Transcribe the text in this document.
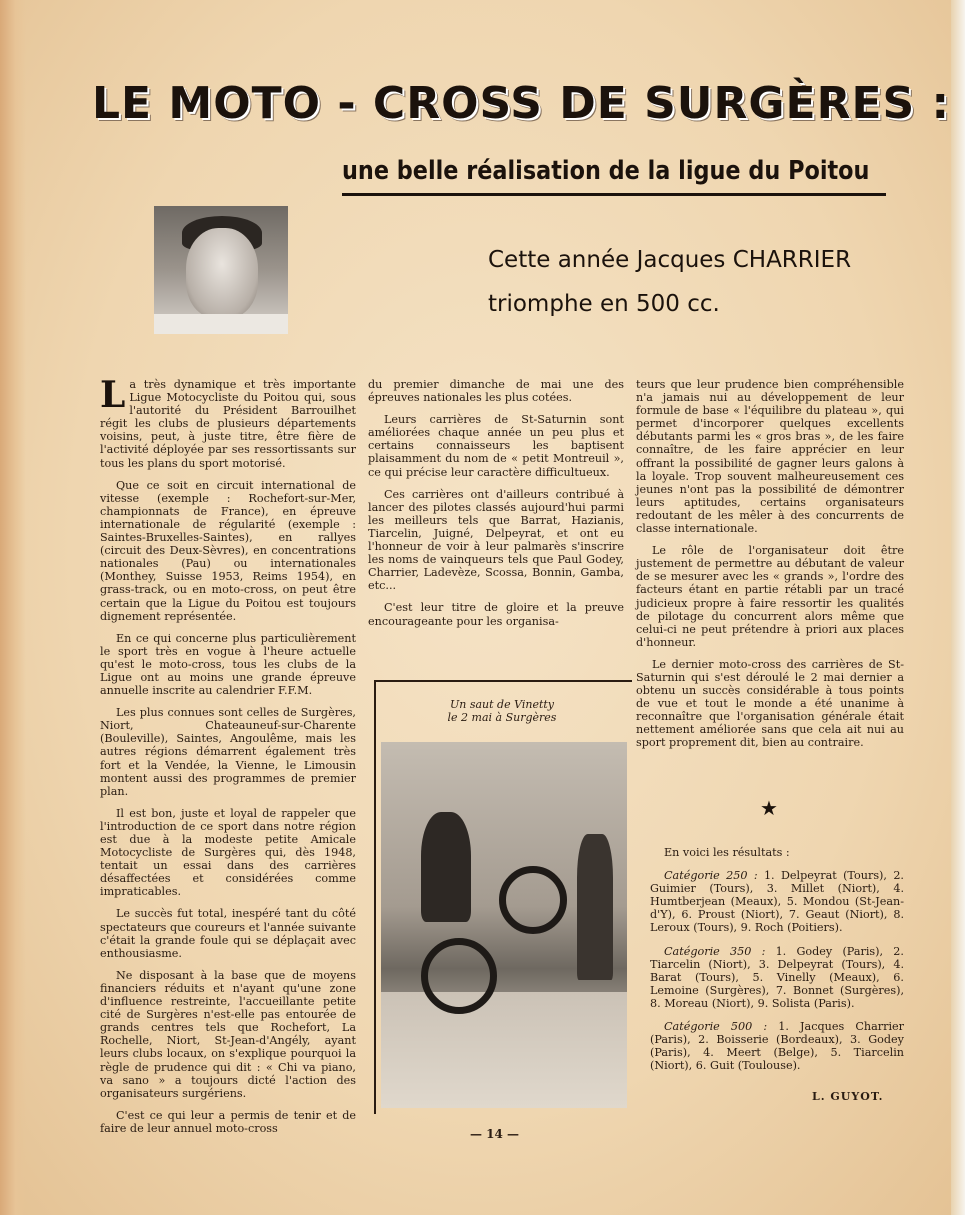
LE MOTO - CROSS DE SURGÈRES :
une belle réalisation de la ligue du Poitou
Cette année Jacques CHARRIER
triomphe en 500 cc.

La très dynamique et très importante Ligue Motocycliste du Poitou qui, sous l'autorité du Président Barrouilhet régit les clubs de plusieurs départements voisins, peut, à juste titre, être fière de l'activité déployée par ses ressortissants sur tous les plans du sport motorisé.

Que ce soit en circuit international de vitesse (exemple : Rochefort-sur-Mer, championnats de France), en épreuve internationale de régularité (exemple : Saintes-Bruxelles-Saintes), en rallyes (circuit des Deux-Sèvres), en concentrations nationales (Pau) ou internationales (Monthey, Suisse 1953, Reims 1954), en grass-track, ou en moto-cross, on peut être certain que la Ligue du Poitou est toujours dignement représentée.

En ce qui concerne plus particulièrement le sport très en vogue à l'heure actuelle qu'est le moto-cross, tous les clubs de la Ligue ont au moins une grande épreuve annuelle inscrite au calendrier F.F.M.

Les plus connues sont celles de Surgères, Niort, Chateauneuf-sur-Charente (Bouleville), Saintes, Angoulême, mais les autres régions démarrent également très fort et la Vendée, la Vienne, le Limousin montent aussi des programmes de premier plan.

Il est bon, juste et loyal de rappeler que l'introduction de ce sport dans notre région est due à la modeste petite Amicale Motocycliste de Surgères qui, dès 1948, tentait un essai dans des carrières désaffectées et considérées comme impraticables.

Le succès fut total, inespéré tant du côté spectateurs que coureurs et l'année suivante c'était la grande foule qui se déplaçait avec enthousiasme.

Ne disposant à la base que de moyens financiers réduits et n'ayant qu'une zone d'influence restreinte, l'accueillante petite cité de Surgères n'est-elle pas entourée de grands centres tels que Rochefort, La Rochelle, Niort, St-Jean-d'Angély, ayant leurs clubs locaux, on s'explique pourquoi la règle de prudence qui dit : « Chi va piano, va sano » a toujours dicté l'action des organisateurs surgériens.

C'est ce qui leur a permis de tenir et de faire de leur annuel moto-cross

du premier dimanche de mai une des épreuves nationales les plus cotées.

Leurs carrières de St-Saturnin sont améliorées chaque année un peu plus et certains connaisseurs les baptisent plaisamment du nom de « petit Montreuil », ce qui précise leur caractère difficultueux.

Ces carrières ont d'ailleurs contribué à lancer des pilotes classés aujourd'hui parmi les meilleurs tels que Barrat, Hazianis, Tiarcelin, Juigné, Delpeyrat, et ont eu l'honneur de voir à leur palmarès s'inscrire les noms de vainqueurs tels que Paul Godey, Charrier, Ladevèze, Scossa, Bonnin, Gamba, etc...

C'est leur titre de gloire et la preuve encourageante pour les organisa-

Un saut de Vinetty
le 2 mai à Surgères

teurs que leur prudence bien compréhensible n'a jamais nui au développement de leur formule de base « l'équilibre du plateau », qui permet d'incorporer quelques excellents débutants parmi les « gros bras », de les faire connaître, de les faire apprécier en leur offrant la possibilité de gagner leurs galons à la loyale. Trop souvent malheureusement ces jeunes n'ont pas la possibilité de démontrer leurs aptitudes, certains organisateurs redoutant de les mêler à des concurrents de classe internationale.

Le rôle de l'organisateur doit être justement de permettre au débutant de valeur de se mesurer avec les « grands », l'ordre des facteurs étant en partie rétabli par un tracé judicieux propre à faire ressortir les qualités de pilotage du concurrent alors même que celui-ci ne peut prétendre à priori aux places d'honneur.

Le dernier moto-cross des carrières de St-Saturnin qui s'est déroulé le 2 mai dernier a obtenu un succès considérable à tous points de vue et tout le monde a été unanime à reconnaître que l'organisation générale était nettement améliorée sans que cela ait nui au sport proprement dit, bien au contraire.

★

En voici les résultats :

Catégorie 250 : 1. Delpeyrat (Tours), 2. Guimier (Tours), 3. Millet (Niort), 4. Humtberjean (Meaux), 5. Mondou (St-Jean-d'Y), 6. Proust (Niort), 7. Geaut (Niort), 8. Leroux (Tours), 9. Roch (Poitiers).

Catégorie 350 : 1. Godey (Paris), 2. Tiarcelin (Niort), 3. Delpeyrat (Tours), 4. Barat (Tours), 5. Vinelly (Meaux), 6. Lemoine (Surgères), 7. Bonnet (Surgères), 8. Moreau (Niort), 9. Solista (Paris).

Catégorie 500 : 1. Jacques Charrier (Paris), 2. Boisserie (Bordeaux), 3. Godey (Paris), 4. Meert (Belge), 5. Tiarcelin (Niort), 6. Guit (Toulouse).

L. GUYOT.
— 14 —
